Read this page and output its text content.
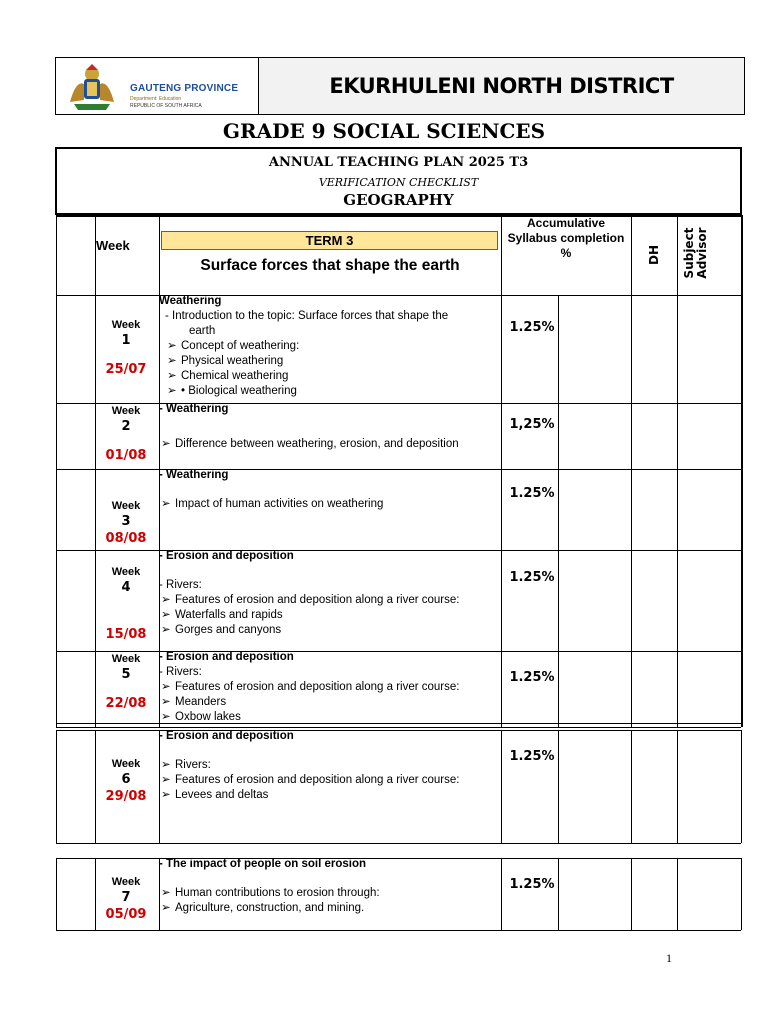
GAUTENG PROVINCE
Department: Education
REPUBLIC OF SOUTH AFRICA
EKURHULENI NORTH DISTRICT
GRADE 9 SOCIAL SCIENCES
ANNUAL TEACHING PLAN 2025 T3
VERIFICATION CHECKLIST
GEOGRAPHY
Week	TERM 3
Surface forces that shape the earth
Accumulative Syllabus completion %	DH Subject
Advisor
Week
1
25/07
1.25%
Weathering
- Introduction to the topic: Surface forces that shape the
earth
➢ Concept of weathering:
➢ Physical weathering
➢ Chemical weathering
➢ • Biological weathering
Week
2
01/08
1,25%
- Weathering
➢ Difference between weathering, erosion, and deposition
Week
3
08/08
1.25%
- Weathering
➢ Impact of human activities on weathering
Week
4
15/08
1.25%
- Erosion and deposition
- Rivers:
➢ Features of erosion and deposition along a river course:
➢ Waterfalls and rapids
➢ Gorges and canyons
Week
5
22/08
1.25%
- Erosion and deposition
- Rivers:
➢ Features of erosion and deposition along a river course:
➢ Meanders
➢ Oxbow lakes
Week
6
29/08
1.25%
- Erosion and deposition
➢ Rivers:
➢ Features of erosion and deposition along a river course:
➢ Levees and deltas
Week
7
05/09
1.25%
- The impact of people on soil erosion
➢ Human contributions to erosion through:
➢ Agriculture, construction, and mining.
1
